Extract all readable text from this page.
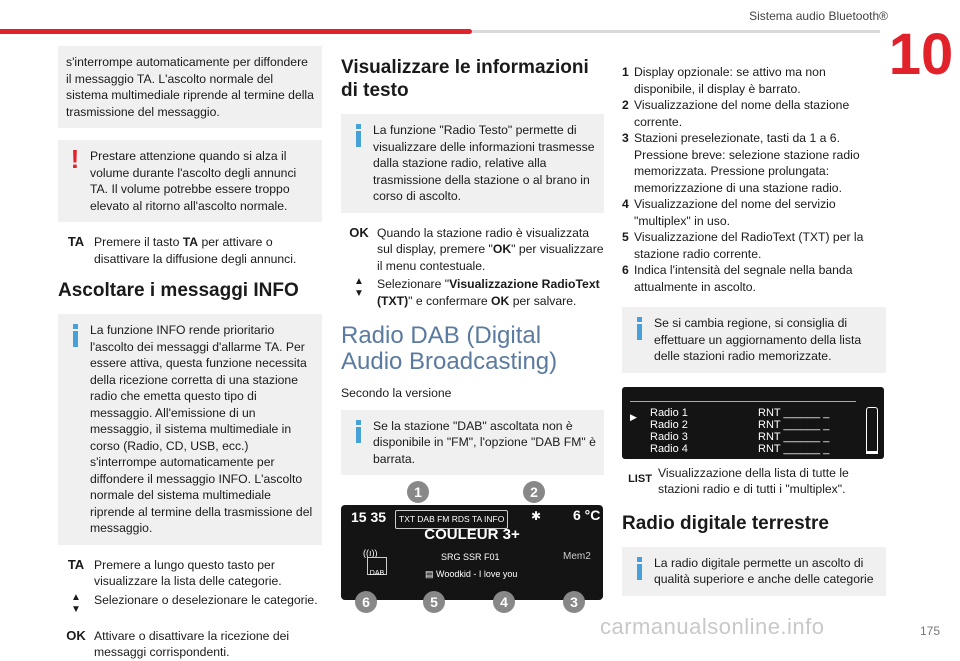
Sistema audio Bluetooth®
10
s'interrompe automaticamente per diffondere il messaggio TA. L'ascolto normale del sistema multimediale riprende al termine della trasmissione del messaggio.
! Prestare attenzione quando si alza il volume durante l'ascolto degli annunci TA. Il volume potrebbe essere troppo elevato al ritorno all'ascolto normale.
TA Premere il tasto TA per attivare o disattivare la diffusione degli annunci.
Ascoltare i messaggi INFO
La funzione INFO rende prioritario l'ascolto dei messaggi d'allarme TA. Per essere attiva, questa funzione necessita della ricezione corretta di una stazione radio che emetta questo tipo di messaggio. All'emissione di un messaggio, il sistema multimediale in corso (Radio, CD, USB, ecc.) s'interrompe automaticamente per diffondere il messaggio INFO. L'ascolto normale del sistema multimediale riprende al termine della trasmissione del messaggio.
TA Premere a lungo questo tasto per visualizzare la lista delle categorie.
▲
▼
Selezionare o deselezionare le categorie.
OK Attivare o disattivare la ricezione dei messaggi corrispondenti.
Visualizzare le informazioni di testo
La funzione "Radio Testo" permette di visualizzare delle informazioni trasmesse dalla stazione radio, relative alla trasmissione della stazione o al brano in corso di ascolto.
OK Quando la stazione radio è visualizzata sul display, premere "OK" per visualizzare il menu contestuale.
▲
▼
Selezionare "Visualizzazione RadioText (TXT)" e confermare OK per salvare.
Radio DAB (Digital Audio Broadcasting)
Secondo la versione
Se la stazione "DAB" ascoltata non è disponibile in "FM", l'opzione "DAB FM" è barrata.
1	2
15 35	TXT DAB FM RDS TA INFO	✱ 6 °C
COULEUR 3+
((ı))
DAB
SRG SSR F01	Mem2
▤ Woodkid - I love you
6	5	4	3
1 Display opzionale: se attivo ma non disponibile, il display è barrato.
2 Visualizzazione del nome della stazione corrente.
3 Stazioni preselezionate, tasti da 1 a 6. Pressione breve: selezione stazione radio memorizzata. Pressione prolungata: memorizzazione di una stazione radio.
4 Visualizzazione del nome del servizio "multiplex" in uso.
5 Visualizzazione del RadioText (TXT) per la stazione radio corrente.
6 Indica l'intensità del segnale nella banda attualmente in ascolto.
Se si cambia regione, si consiglia di effettuare un aggiornamento della lista delle stazioni radio memorizzate.
▶ Radio 1	RNT ______ _
Radio 2	RNT ______ _
Radio 3	RNT ______ _
Radio 4	RNT ______ _
LIST Visualizzazione della lista di tutte le stazioni radio e di tutti i "multiplex".
Radio digitale terrestre
La radio digitale permette un ascolto di qualità superiore e anche delle categorie
carmanualsonline.info	175
